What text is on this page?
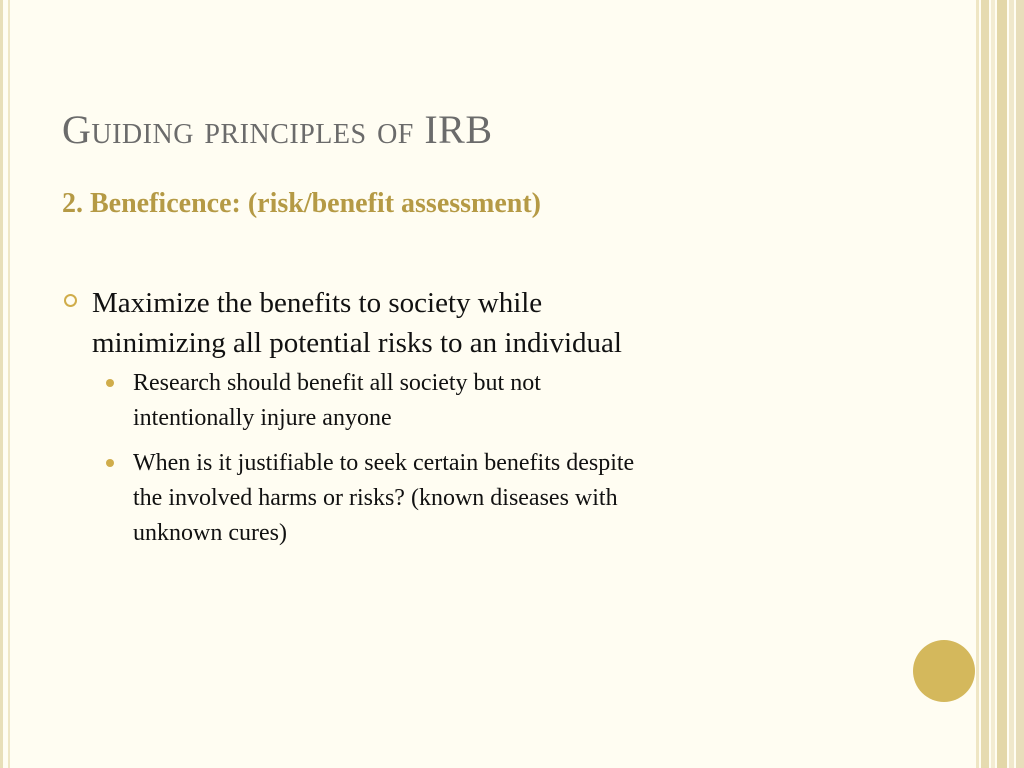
Guiding principles of IRB
2. Beneficence: (risk/benefit assessment)
Maximize the benefits to society while
minimizing all potential risks to an individual
Research should benefit all society but not
intentionally injure anyone
When is it justifiable to seek certain benefits despite
the involved harms or risks? (known diseases with
unknown cures)
